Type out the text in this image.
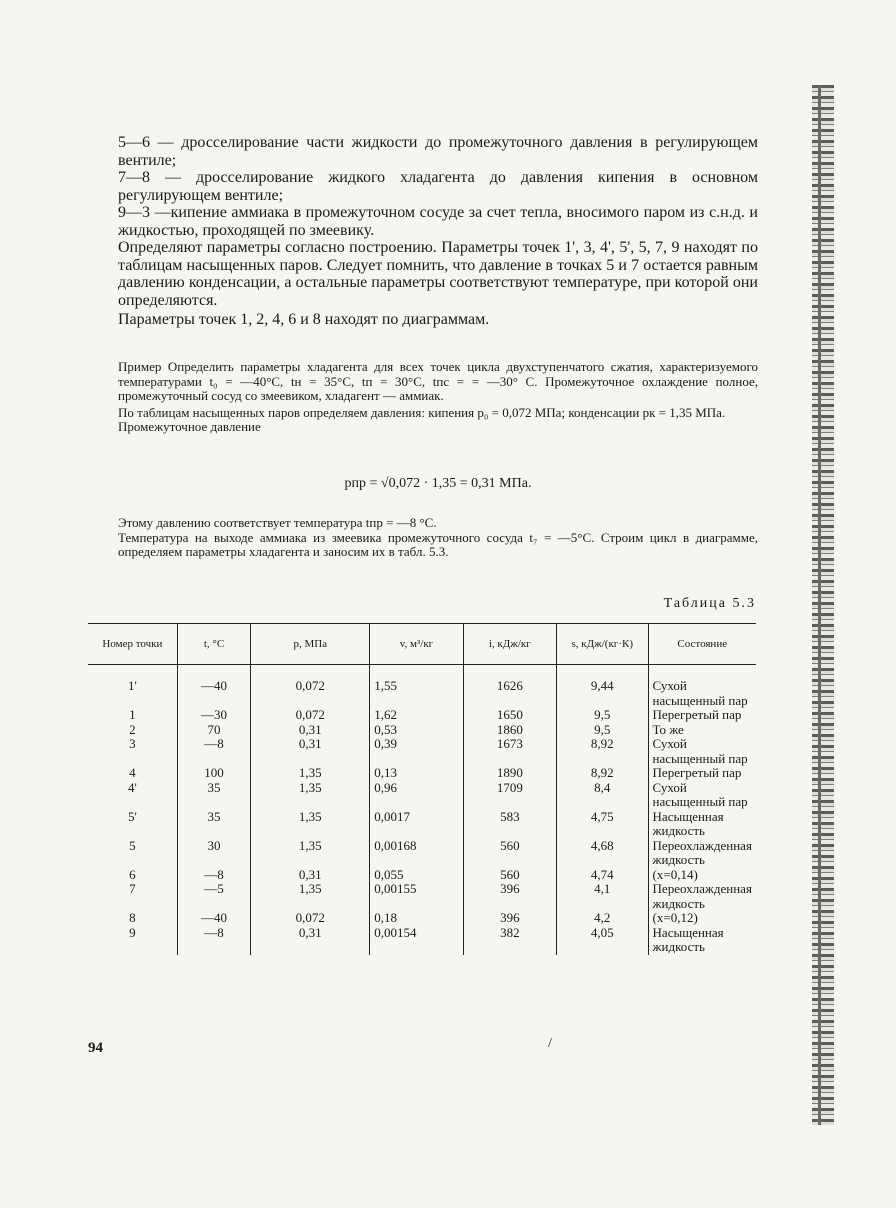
5—6 — дросселирование части жидкости до промежуточного давления в регулирующем вентиле;

7—8 — дросселирование жидкого хладагента до давления кипения в основном регулирующем вентиле;

9—3 —кипение аммиака в промежуточном сосуде за счет тепла, вносимого паром из с.н.д. и жидкостью, проходящей по змеевику.

Определяют параметры согласно построению. Параметры точек 1', 3, 4', 5', 5, 7, 9 находят по таблицам насыщенных паров. Следует помнить, что давление в точках 5 и 7 остается равным давлению конденсации, а остальные параметры соответствуют температуре, при которой они определяются.

Параметры точек 1, 2, 4, 6 и 8 находят по диаграммам.

Пример Определить параметры хладагента для всех точек цикла двухступенчатого сжатия, характеризуемого температурами t₀ = —40°С, tн = 35°С, tп = 30°С, tпс = = —30° С. Промежуточное охлаждение полное, промежуточный сосуд со змеевиком, хладагент — аммиак.

По таблицам насыщенных паров определяем давления: кипения p₀ = 0,072 МПа; конденсации pк = 1,35 МПа.

Промежуточное давление

pпр = √0,072 · 1,35 = 0,31 МПа.

Этому давлению соответствует температура tпр = —8 °С.

Температура на выходе аммиака из змеевика промежуточного сосуда t₇ = —5°С. Строим цикл в диаграмме, определяем параметры хладагента и заносим их в табл. 5.3.

Таблица 5.3
Номер точки	t, °С	p, МПа	v, м³/кг	i, кДж/кг	s, кДж/(кг·К)	Состояние
1'	—40	0,072	1,55	1626	9,44	Сухой насыщенный пар
1	—30	0,072	1,62	1650	9,5	Перегретый пар
2	70	0,31	0,53	1860	9,5	То же
3	—8	0,31	0,39	1673	8,92	Сухой насыщенный пар
4	100	1,35	0,13	1890	8,92	Перегретый пар
4'	35	1,35	0,96	1709	8,4	Сухой насыщенный пар
5'	35	1,35	0,0017	583	4,75	Насыщенная жидкость
5	30	1,35	0,00168	560	4,68	Переохлажденная жидкость
6	—8	0,31	0,055	560	4,74	(x=0,14)
7	—5	1,35	0,00155	396	4,1	Переохлажденная жидкость
8	—40	0,072	0,18	396	4,2	(x=0,12)
9	—8	0,31	0,00154	382	4,05	Насыщенная жидкость
94	/
